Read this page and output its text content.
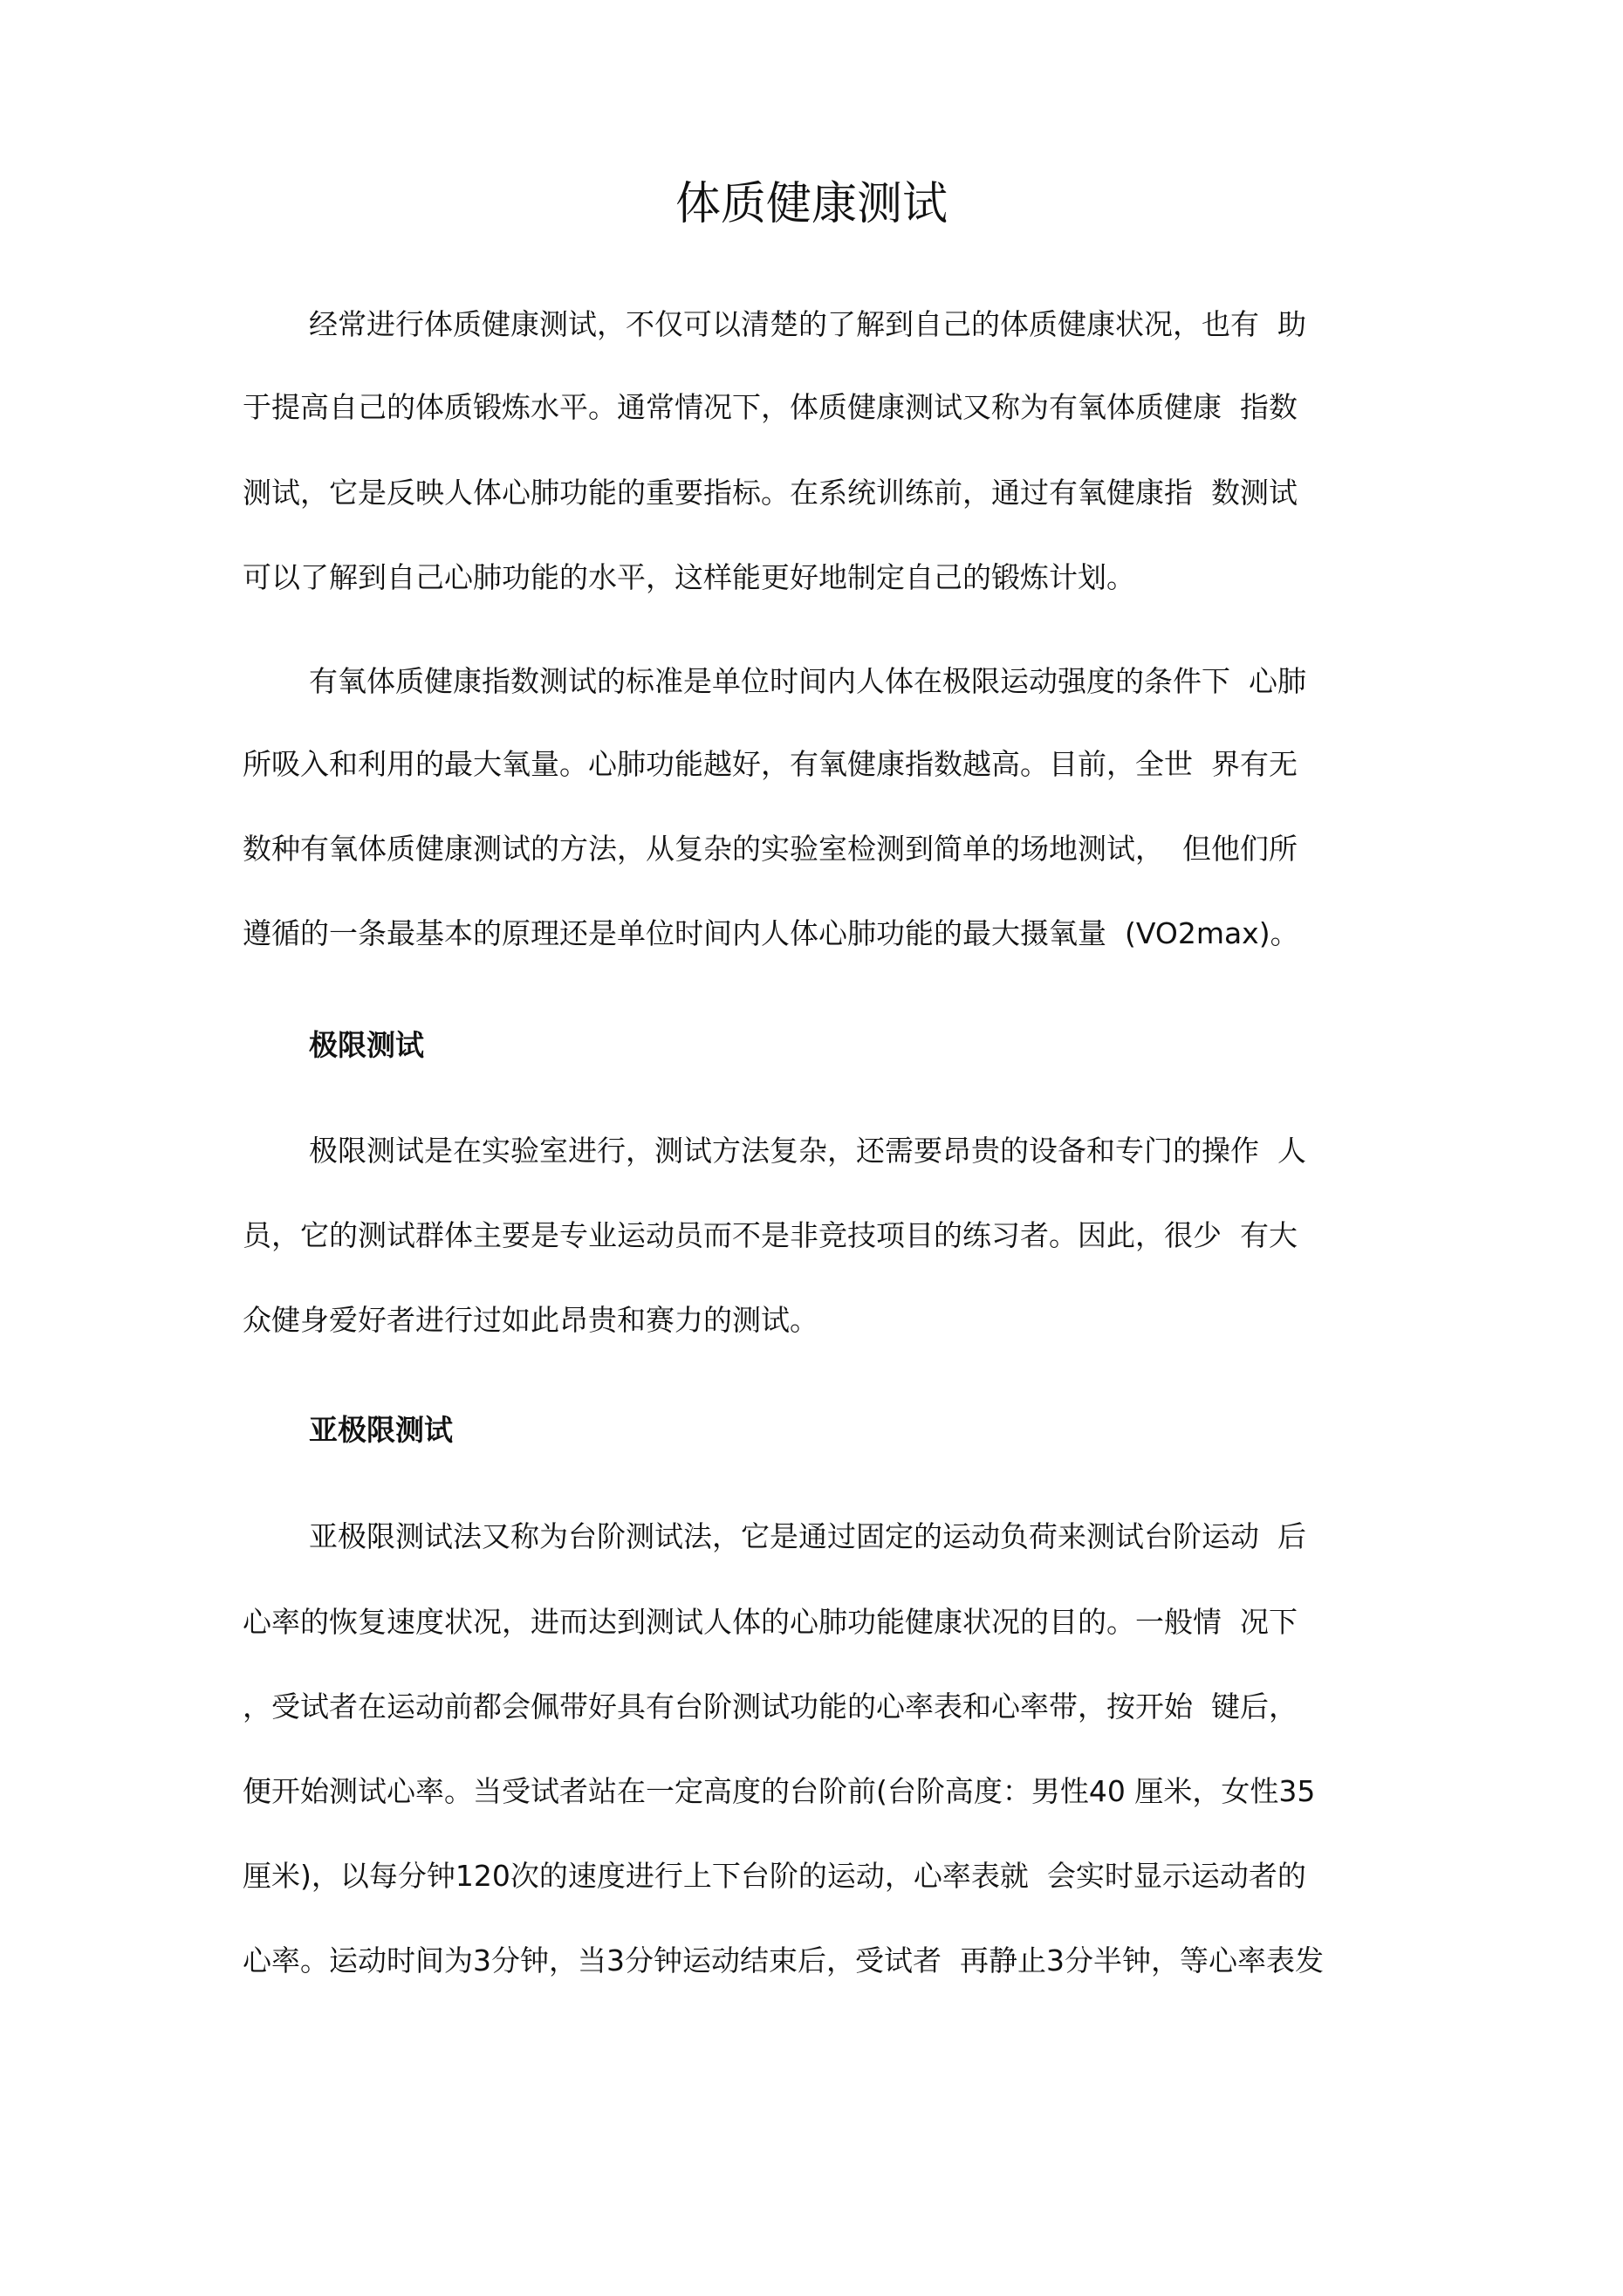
体质健康测试

经常进行体质健康测试，不仅可以清楚的了解到自己的体质健康状况，也有  助

于提高自己的体质锻炼水平。通常情况下，体质健康测试又称为有氧体质健康  指数

测试，它是反映人体心肺功能的重要指标。在系统训练前，通过有氧健康指  数测试

可以了解到自己心肺功能的水平，这样能更好地制定自己的锻炼计划。

有氧体质健康指数测试的标准是单位时间内人体在极限运动强度的条件下  心肺

所吸入和利用的最大氧量。心肺功能越好，有氧健康指数越高。目前，全世  界有无

数种有氧体质健康测试的方法，从复杂的实验室检测到简单的场地测试，  但他们所

遵循的一条最基本的原理还是单位时间内人体心肺功能的最大摄氧量  (VO2max)。

极限测试

极限测试是在实验室进行，测试方法复杂，还需要昂贵的设备和专门的操作  人

员，它的测试群体主要是专业运动员而不是非竞技项目的练习者。因此，很少  有大

众健身爱好者进行过如此昂贵和赛力的测试。

亚极限测试

亚极限测试法又称为台阶测试法，它是通过固定的运动负荷来测试台阶运动  后

心率的恢复速度状况，进而达到测试人体的心肺功能健康状况的目的。一般情  况下

，受试者在运动前都会佩带好具有台阶测试功能的心率表和心率带，按开始  键后，

便开始测试心率。当受试者站在一定高度的台阶前(台阶高度：男性40 厘米，女性35

厘米)，以每分钟120次的速度进行上下台阶的运动，心率表就  会实时显示运动者的

心率。运动时间为3分钟，当3分钟运动结束后，受试者  再静止3分半钟，等心率表发
